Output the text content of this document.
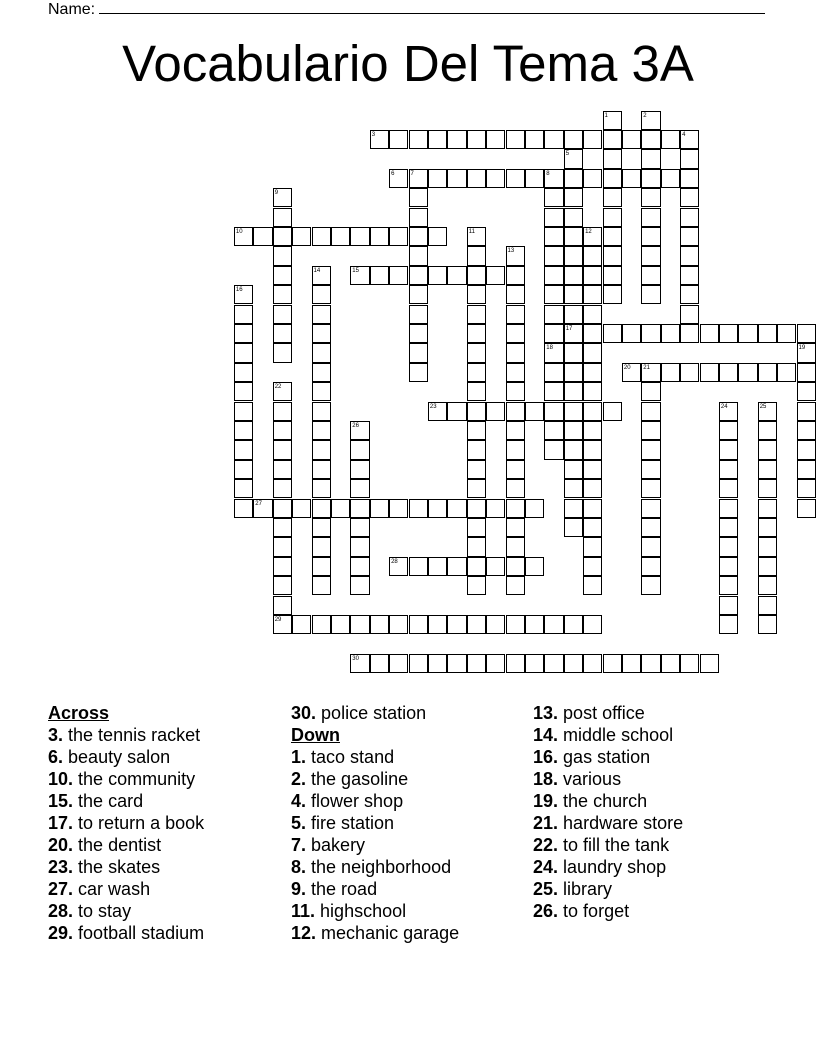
Name:
Vocabulario Del Tema 3A
1	2
3	4
5
6	7	8
9
10	11	12
13
14	15
16
17
18	19
20 21
22
23	24	25
26
27
28
29
30
Across
3. the tennis racket
6. beauty salon
10. the community
15. the card
17. to return a book
20. the dentist
23. the skates
27. car wash
28. to stay
29. football stadium
30. police station
Down
1. taco stand
2. the gasoline
4. flower shop
5. fire station
7. bakery
8. the neighborhood
9. the road
11. highschool
12. mechanic garage
13. post office
14. middle school
16. gas station
18. various
19. the church
21. hardware store
22. to fill the tank
24. laundry shop
25. library
26. to forget
